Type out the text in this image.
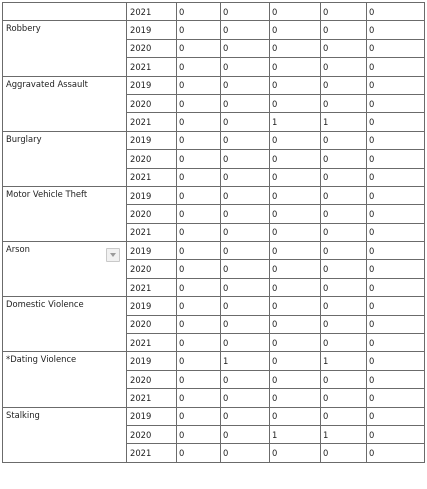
	2021	0	0	0	0	0
Robbery	2019	0	0	0	0	0
	2020	0	0	0	0	0
	2021	0	0	0	0	0
Aggravated Assault	2019	0	0	0	0	0
	2020	0	0	0	0	0
	2021	0	0	1	1	0
Burglary	2019	0	0	0	0	0
	2020	0	0	0	0	0
	2021	0	0	0	0	0
Motor Vehicle Theft	2019	0	0	0	0	0
	2020	0	0	0	0	0
	2021	0	0	0	0	0
Arson	2019	0	0	0	0	0
	2020	0	0	0	0	0
	2021	0	0	0	0	0
Domestic Violence	2019	0	0	0	0	0
	2020	0	0	0	0	0
	2021	0	0	0	0	0
*Dating Violence	2019	0	1	0	1	0
	2020	0	0	0	0	0
	2021	0	0	0	0	0
Stalking	2019	0	0	0	0	0
	2020	0	0	1	1	0
	2021	0	0	0	0	0
